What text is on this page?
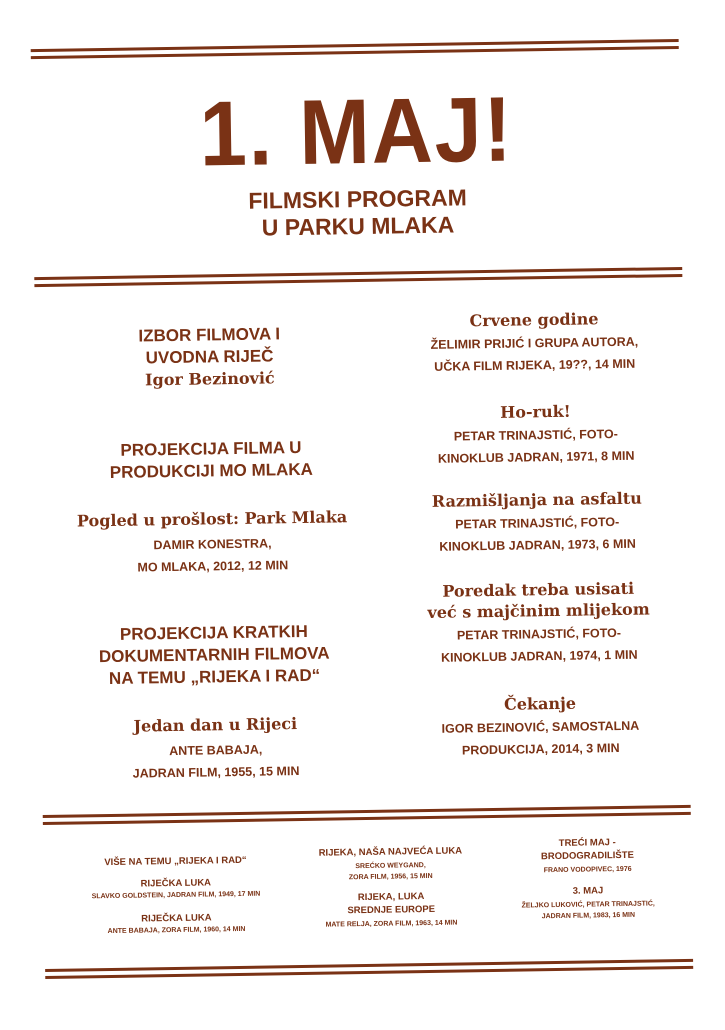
1. MAJ!
FILMSKI PROGRAM
U PARKU MLAKA
IZBOR FILMOVA I
UVODNA RIJEČ
Igor Bezinović
PROJEKCIJA FILMA U
PRODUKCIJI MO MLAKA
Pogled u prošlost: Park Mlaka
DAMIR KONESTRA,
MO MLAKA, 2012, 12 MIN
PROJEKCIJA KRATKIH
DOKUMENTARNIH FILMOVA
NA TEMU „RIJEKA I RAD“
Jedan dan u Rijeci
ANTE BABAJA,
JADRAN FILM, 1955, 15 MIN
Crvene godine
ŽELIMIR PRIJIĆ I GRUPA AUTORA,
UČKA FILM RIJEKA, 19??, 14 MIN
Ho-ruk!
PETAR TRINAJSTIĆ, FOTO-
KINOKLUB JADRAN, 1971, 8 MIN
Razmišljanja na asfaltu
PETAR TRINAJSTIĆ, FOTO-
KINOKLUB JADRAN, 1973, 6 MIN
Poredak treba usisati
već s majčinim mlijekom
PETAR TRINAJSTIĆ, FOTO-
KINOKLUB JADRAN, 1974, 1 MIN
Čekanje
IGOR BEZINOVIĆ, SAMOSTALNA
PRODUKCIJA, 2014, 3 MIN
VIŠE NA TEMU „RIJEKA I RAD“
RIJEČKA LUKA
SLAVKO GOLDSTEIN, JADRAN FILM, 1949, 17 MIN
RIJEČKA LUKA
ANTE BABAJA, ZORA FILM, 1960, 14 MIN
RIJEKA, NAŠA NAJVEĆA LUKA
SREĆKO WEYGAND,
ZORA FILM, 1956, 15 MIN
RIJEKA, LUKA
SREDNJE EUROPE
MATE RELJA, ZORA FILM, 1963, 14 MIN
TREĆI MAJ -
BRODOGRADILIŠTE
FRANO VODOPIVEC, 1976
3. MAJ
ŽELJKO LUKOVIĆ, PETAR TRINAJSTIĆ,
JADRAN FILM, 1983, 16 MIN
